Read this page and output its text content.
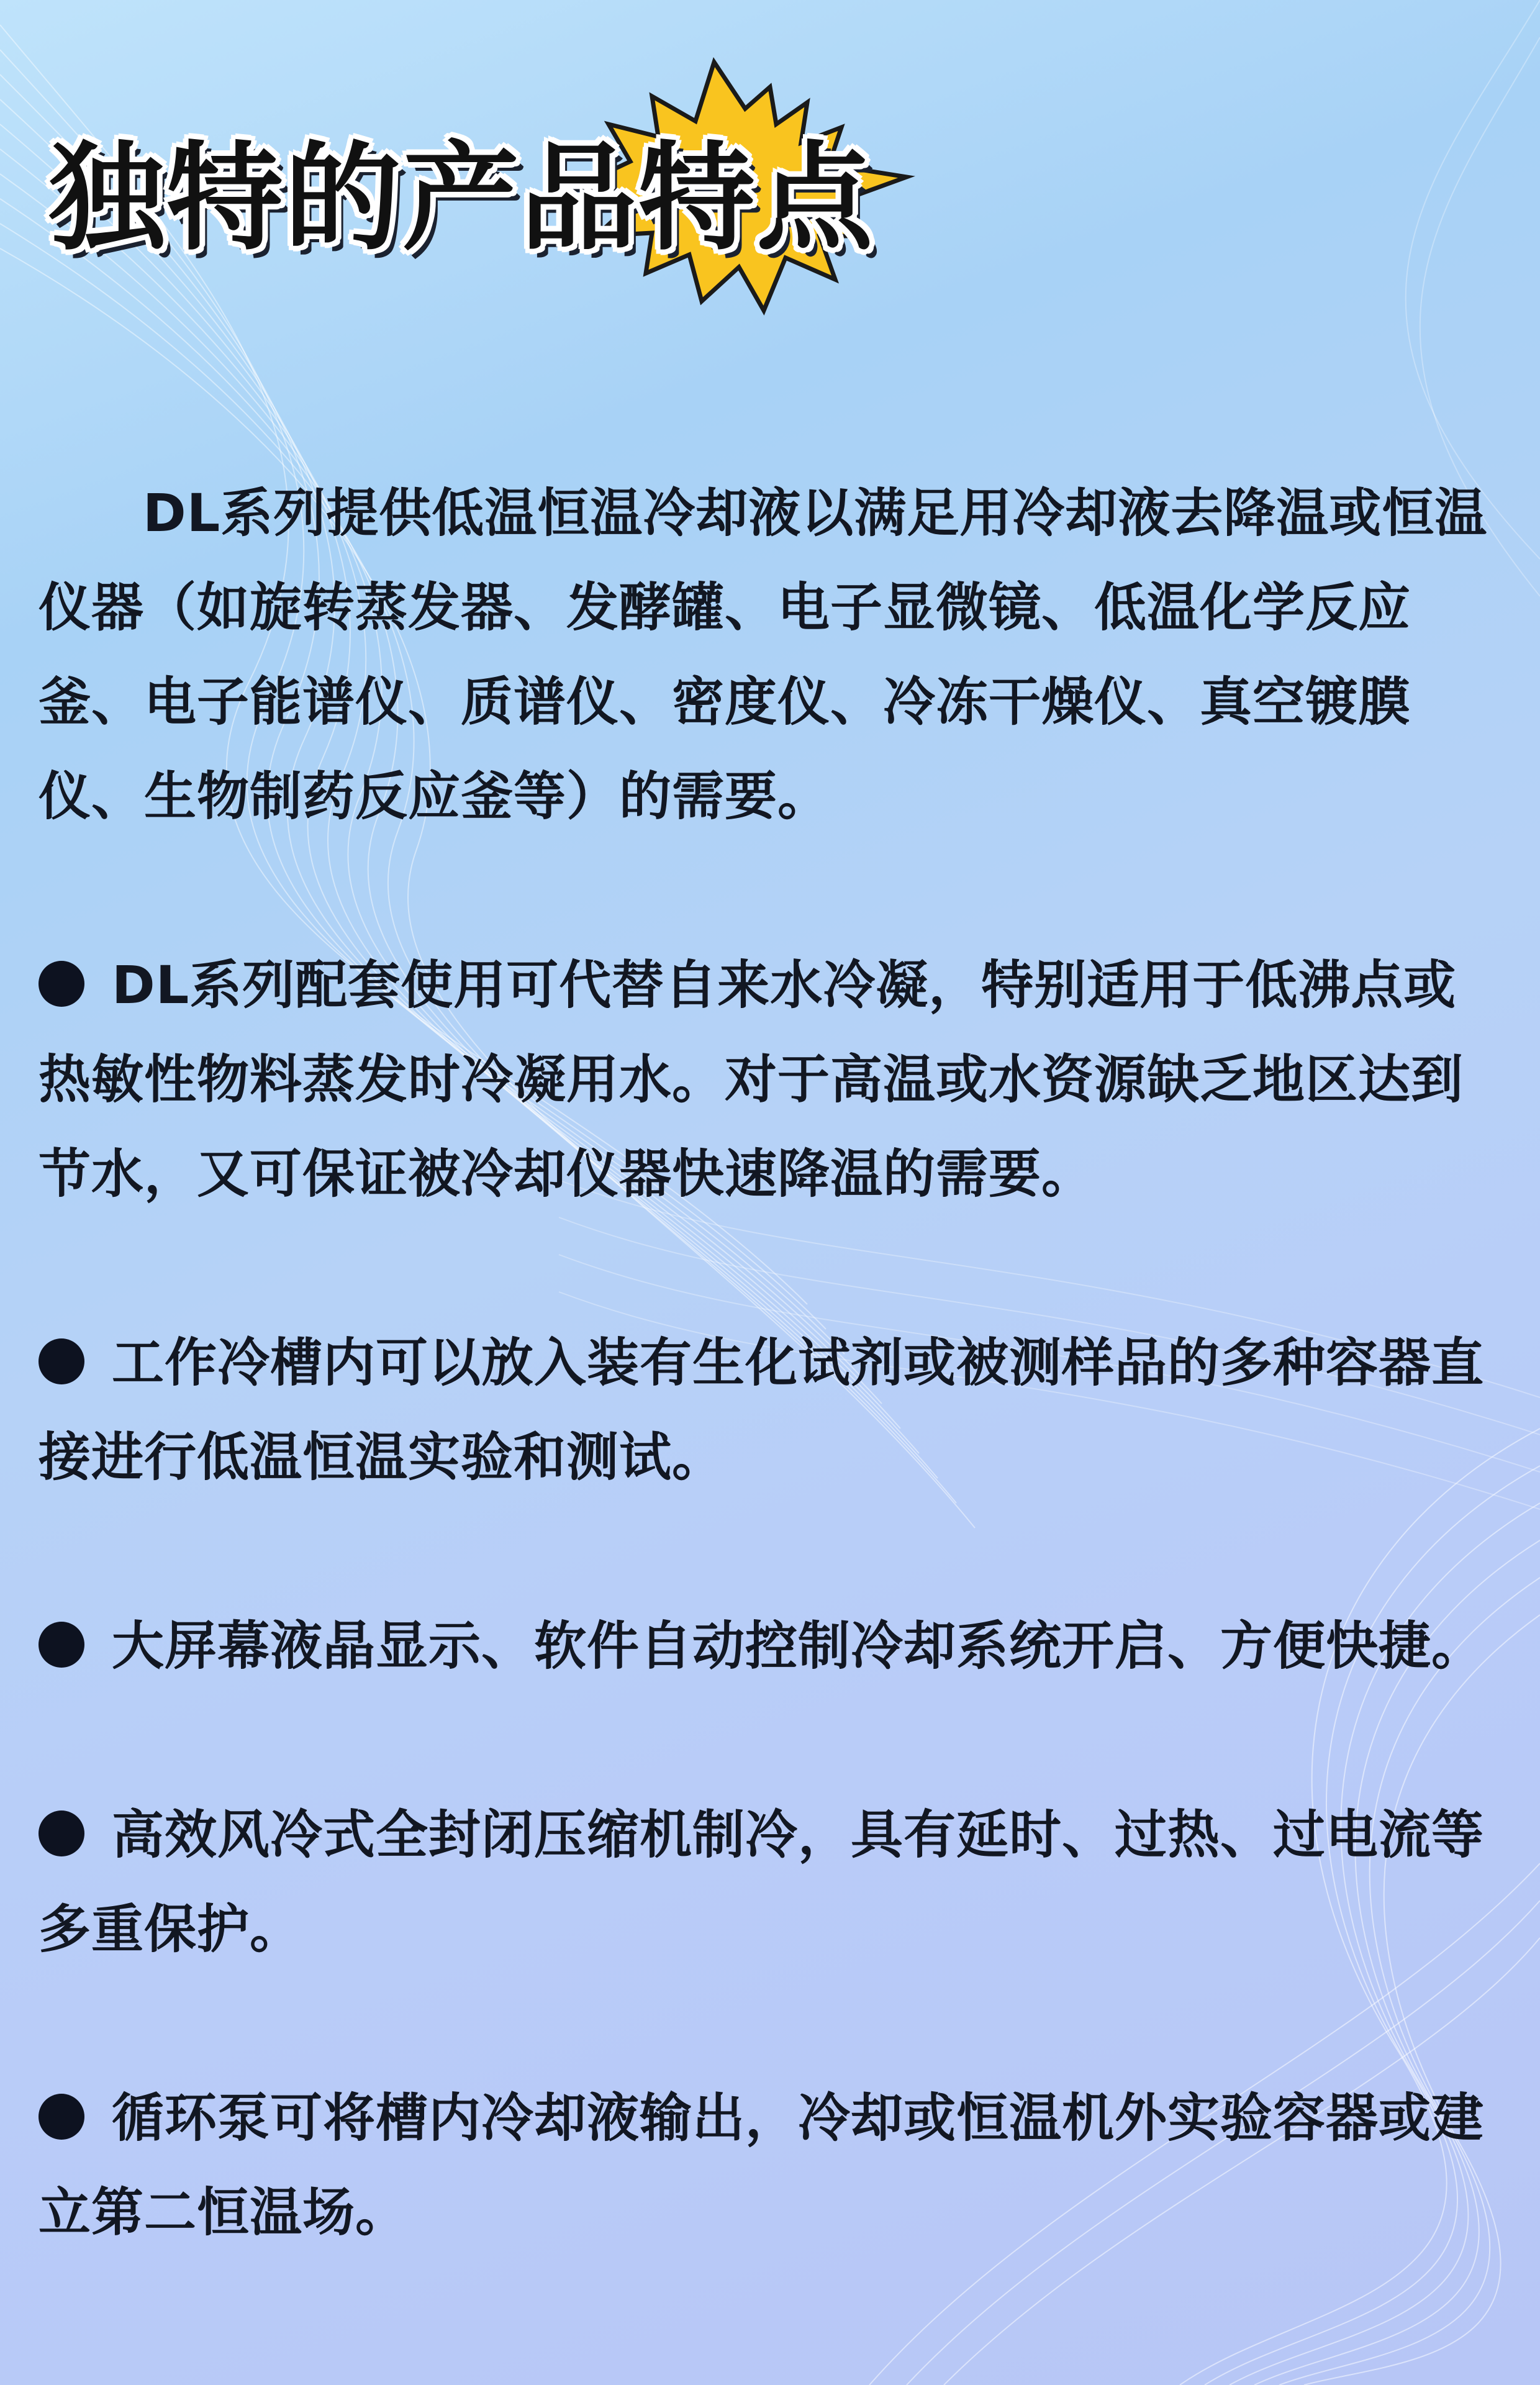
独特的产品特点

DL系列提供低温恒温冷却液以满足用冷却液去降温或恒温仪器（如旋转蒸发器、发酵罐、电子显微镜、低温化学反应釜、电子能谱仪、质谱仪、密度仪、冷冻干燥仪、真空镀膜仪、生物制药反应釜等）的需要。

DL系列配套使用可代替自来水冷凝，特别适用于低沸点或热敏性物料蒸发时冷凝用水。对于高温或水资源缺乏地区达到节水，又可保证被冷却仪器快速降温的需要。

工作冷槽内可以放入装有生化试剂或被测样品的多种容器直接进行低温恒温实验和测试。

大屏幕液晶显示、软件自动控制冷却系统开启、方便快捷。

高效风冷式全封闭压缩机制冷，具有延时、过热、过电流等多重保护。

循环泵可将槽内冷却液输出，冷却或恒温机外实验容器或建立第二恒温场。
